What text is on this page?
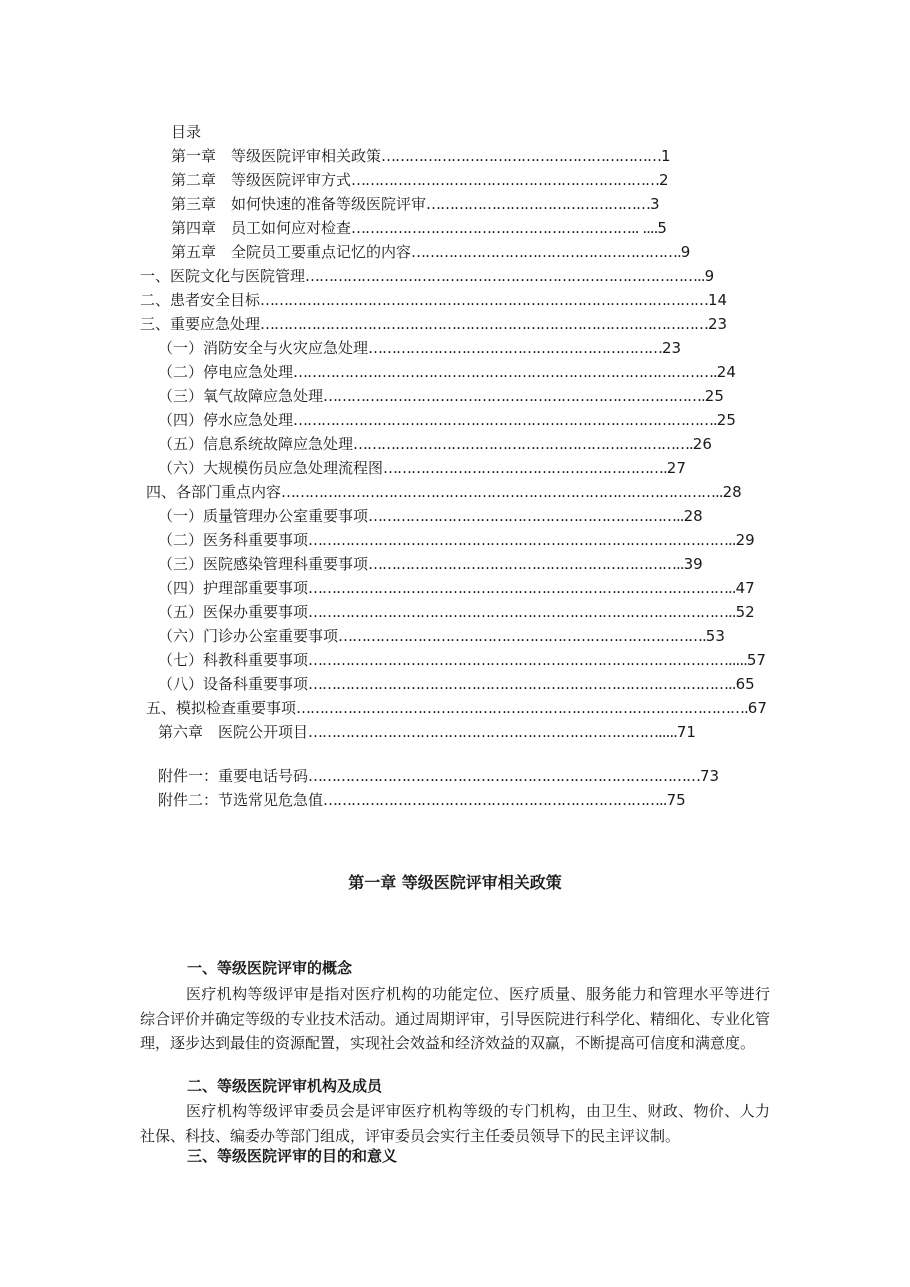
目录
第一章　等级医院评审相关政策……………………………………………………1
第二章　等级医院评审方式…………………………………………………………2
第三章　如何快速的准备等级医院评审…………………………………………3
第四章　员工如何应对检查…………………………………………………….. ....5
第五章　全院员工要重点记忆的内容………………………………………………….9
一、医院文化与医院管理…………………………………………………………………………..9
二、患者安全目标……………………………………………………………………………………14
三、重要应急处理……………………………………………………………………………………23
（一）消防安全与火灾应急处理………………………………………………………23
（二）停电应急处理……………………………………………………………………………….24
（三）氧气故障应急处理……………………………………………………………………….25
（四）停水应急处理……………………………………………………………………………….25
（五）信息系统故障应急处理……………………………………………………………….26
（六）大规模伤员应急处理流程图…………………………………………………….27
四、各部门重点内容…………………………………………………………………………………..28
（一）质量管理办公室重要事项…………………………………………………………..28
（二）医务科重要事项………………………………………………………………………………..29
（三）医院感染管理科重要事项…………………………………………………………..39
（四）护理部重要事项………………………………………………………………………………..47
（五）医保办重要事项………………………………………………………………………………..52
（六）门诊办公室重要事项…………………………………………………………………….53
（七）科教科重要事项……………………………………………………………………………….....57
（八）设备科重要事项………………………………………………………………………………..65
五、模拟检查重要事项…………………………………………………………………………………….67
第六章　医院公开项目………………………………………………………………….....71
附件一：重要电话号码…………………………………………………………………………73
附件二：节选常见危急值………………………………………………………………..75
第一章 等级医院评审相关政策
一、等级医院评审的概念
医疗机构等级评审是指对医疗机构的功能定位、医疗质量、服务能力和管理水平等进行综合评价并确定等级的专业技术活动。通过周期评审，引导医院进行科学化、精细化、专业化管理，逐步达到最佳的资源配置，实现社会效益和经济效益的双赢，不断提高可信度和满意度。
二、等级医院评审机构及成员
医疗机构等级评审委员会是评审医疗机构等级的专门机构，由卫生、财政、物价、人力社保、科技、编委办等部门组成，评审委员会实行主任委员领导下的民主评议制。
三、等级医院评审的目的和意义
